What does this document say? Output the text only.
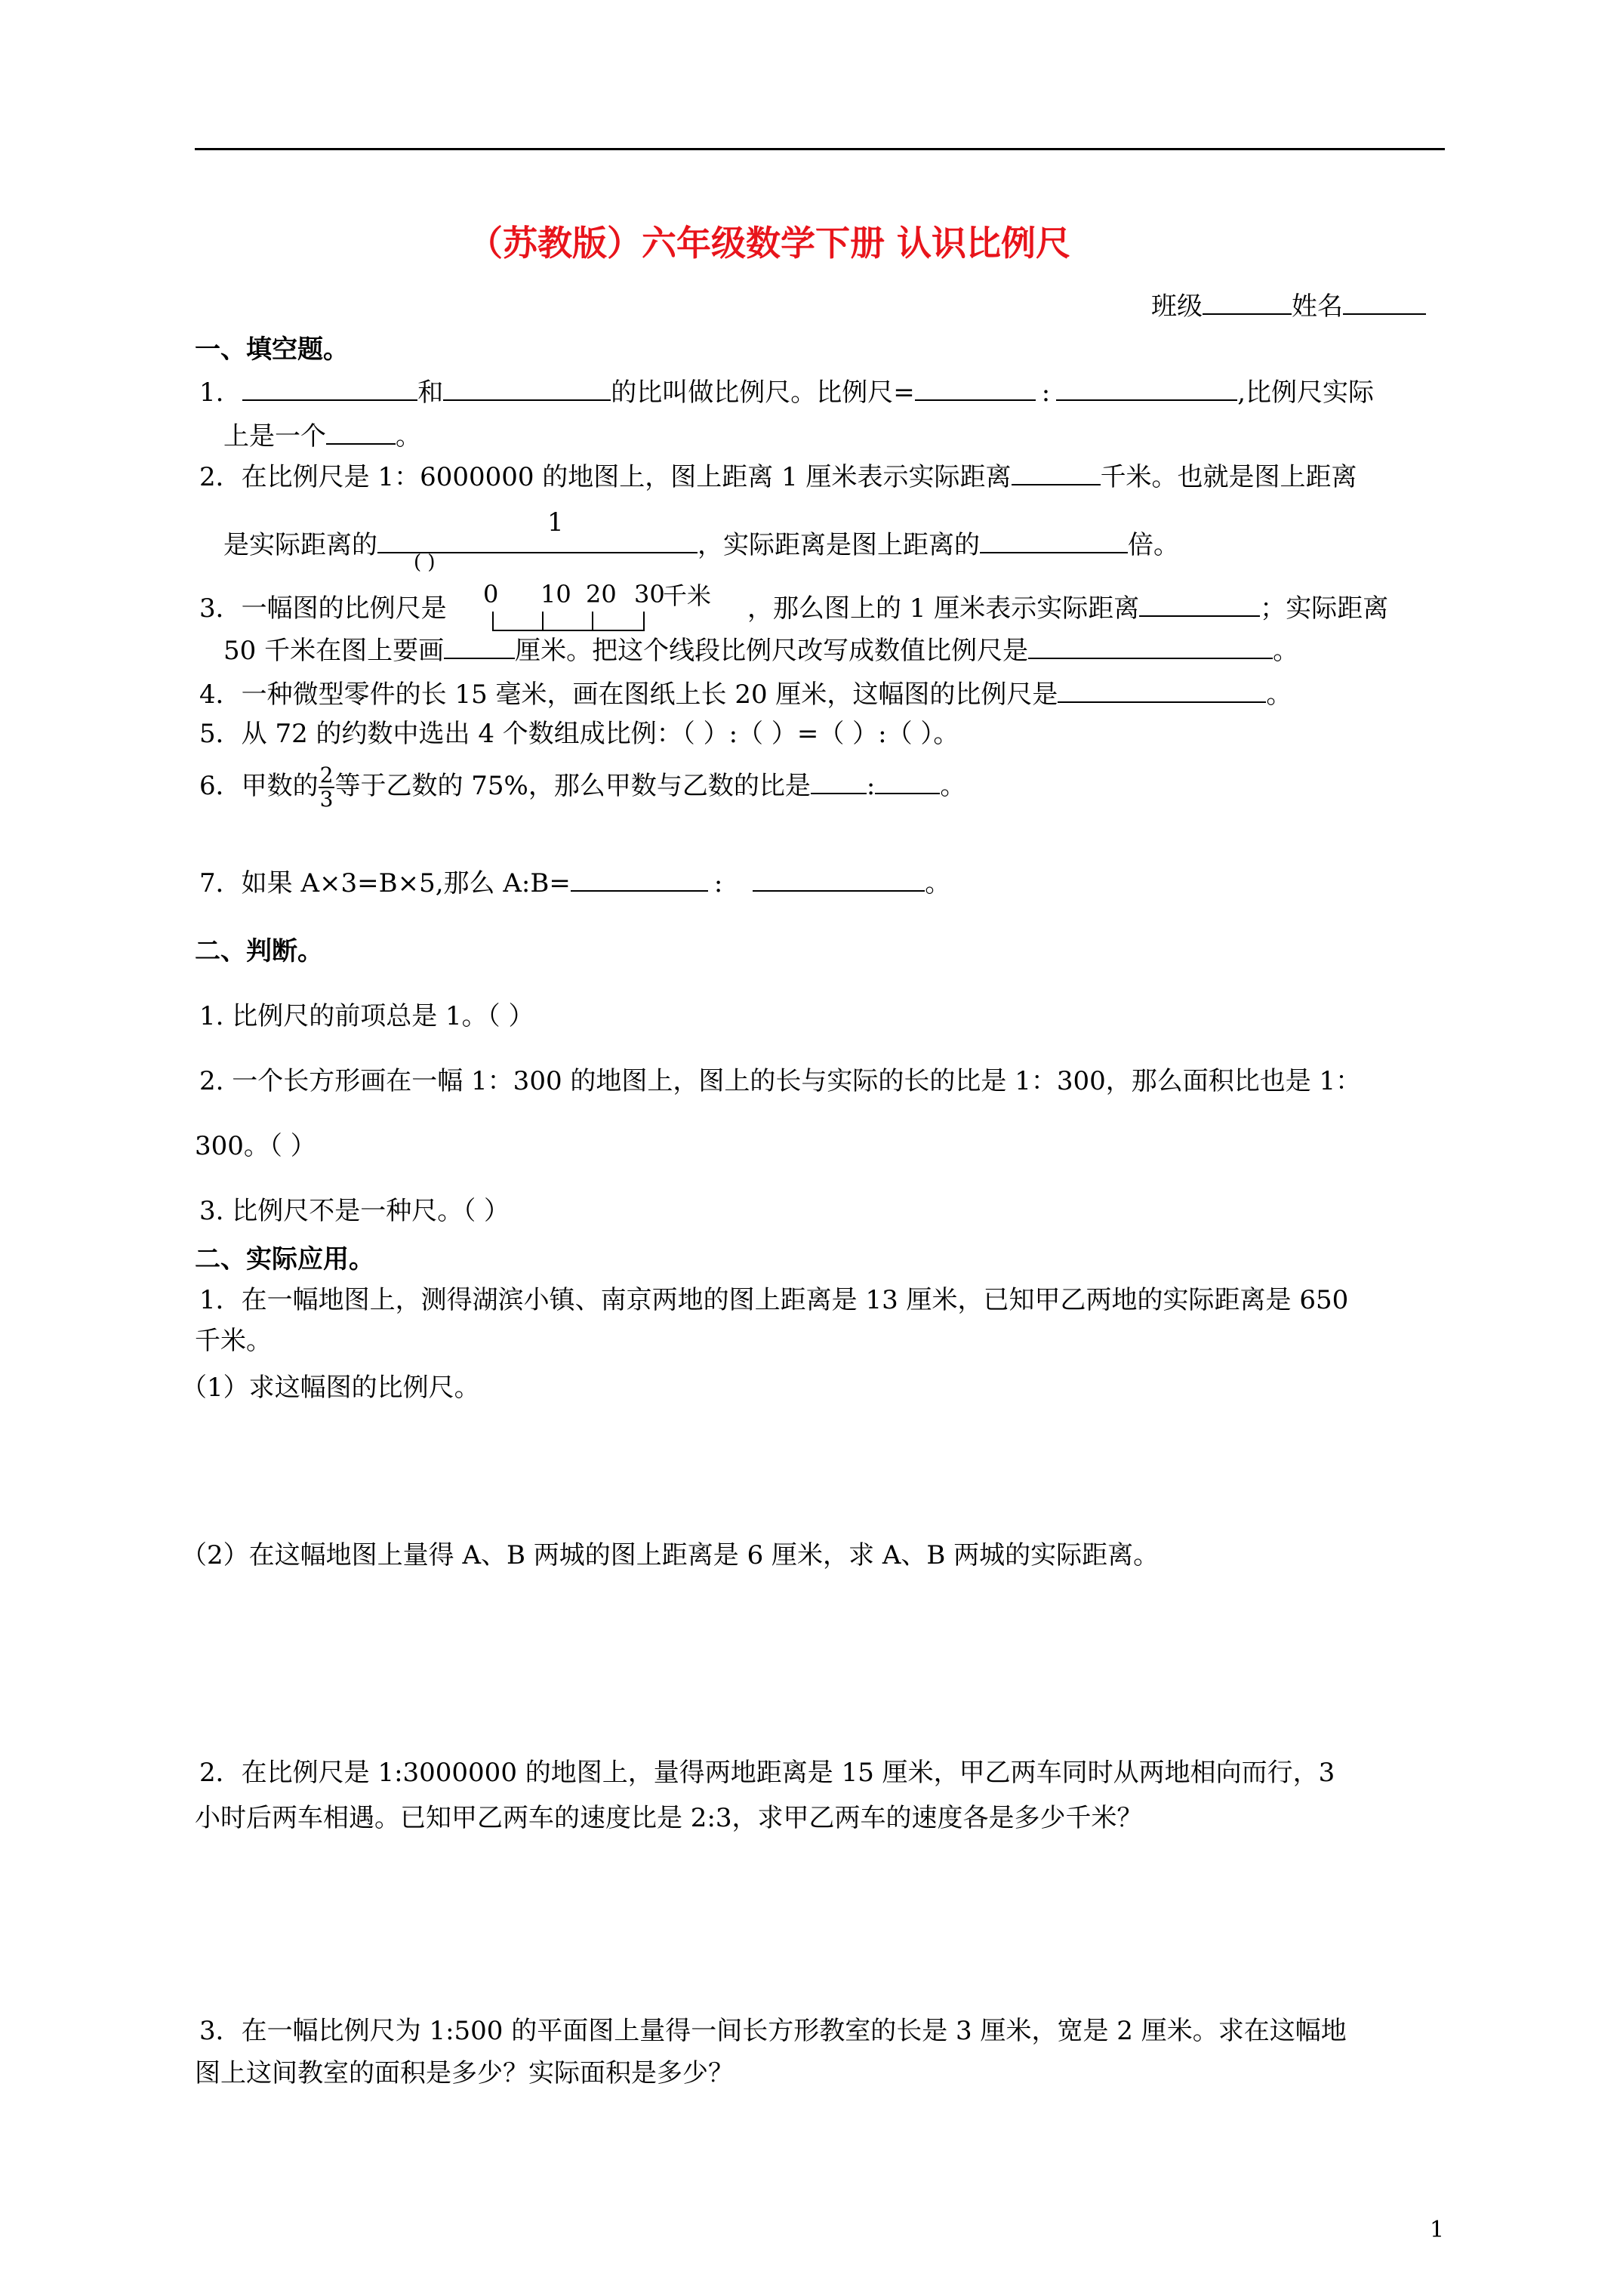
（苏教版）六年级数学下册 认识比例尺
班级	姓名
一、填空题。
1.	和	的比叫做比例尺。比例尺=	:	,比例尺实际
上是一个	。
2．在比例尺是 1：6000000 的地图上，图上距离 1 厘米表示实际距离	千米。也就是图上距离
1
是实际距离的	，实际距离是图上距离的	倍。
( )
3．一幅图的比例尺是 0 10 20 30
千米 ，那么图上的 1 厘米表示实际距离	；实际距离
50 千米在图上要画	厘米。把这个线段比例尺改写成数值比例尺是	。
4．一种微型零件的长 15 毫米，画在图纸上长 20 厘米，这幅图的比例尺是	。
5．从 72 的约数中选出 4 个数组成比例：（ ）:（ ）=（ ）:（ ）。
6．甲数的 $\frac{2}{3}$ 等于乙数的 75%，那么甲数与乙数的比是 :	。
7．如果 A×3=B×5,那么 A:B=	:	。
二、判断。
1. 比例尺的前项总是 1。（ ）
2. 一个长方形画在一幅 1：300 的地图上，图上的长与实际的长的比是 1：300，那么面积比也是 1：
300。（ ）
3. 比例尺不是一种尺。（ ）
二、实际应用。
1．在一幅地图上，测得湖滨小镇、南京两地的图上距离是 13 厘米，已知甲乙两地的实际距离是 650
千米。
（1）求这幅图的比例尺。
（2）在这幅地图上量得 A、B 两城的图上距离是 6 厘米，求 A、B 两城的实际距离。
2．在比例尺是 1:3000000 的地图上，量得两地距离是 15 厘米，甲乙两车同时从两地相向而行，3
小时后两车相遇。已知甲乙两车的速度比是 2:3，求甲乙两车的速度各是多少千米？
3．在一幅比例尺为 1:500 的平面图上量得一间长方形教室的长是 3 厘米，宽是 2 厘米。求在这幅地
图上这间教室的面积是多少？实际面积是多少？
1
